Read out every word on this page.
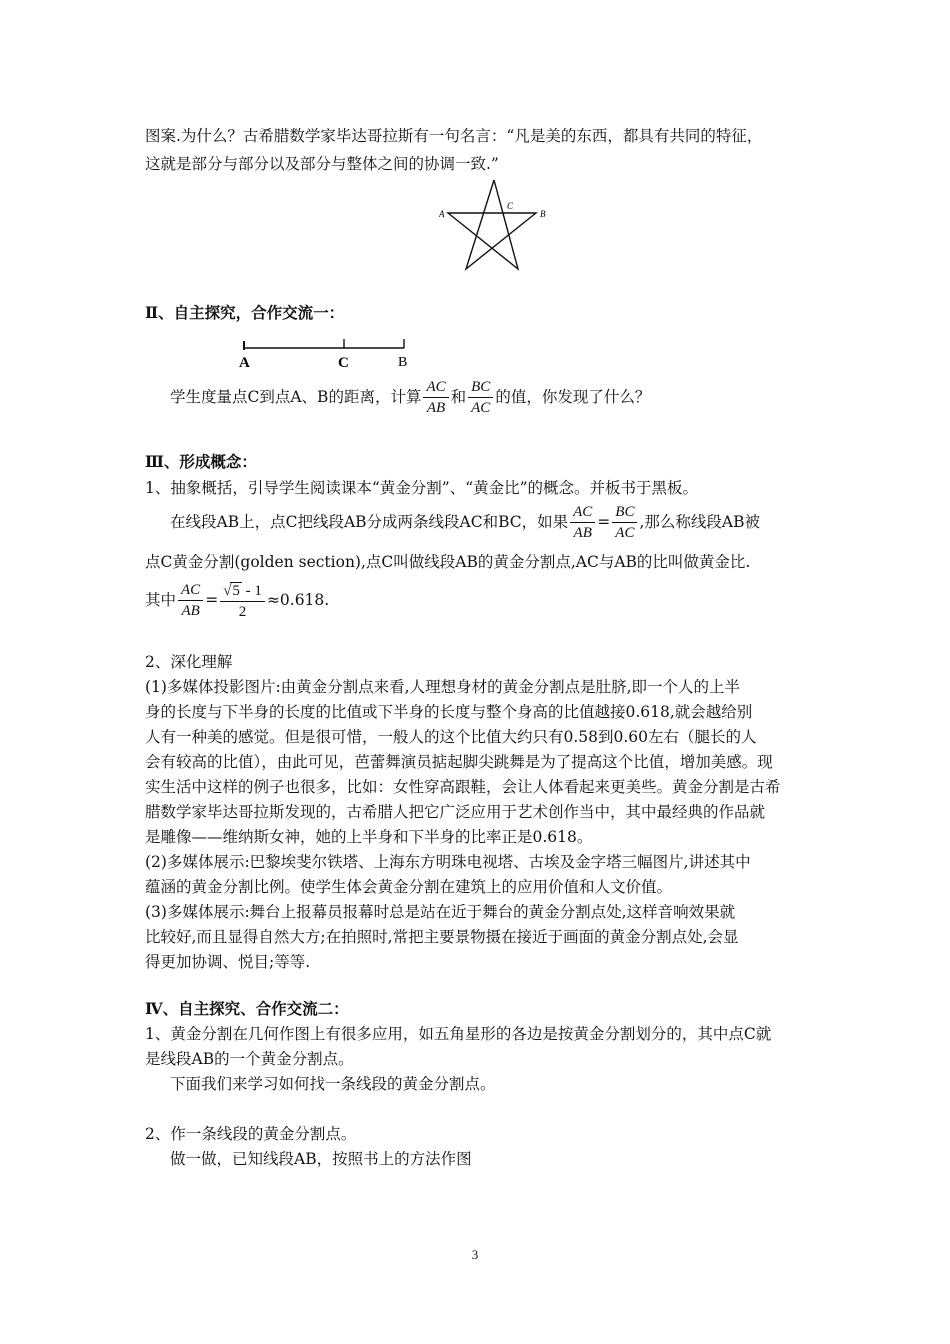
图案.为什么？古希腊数学家毕达哥拉斯有一句名言：“凡是美的东西，都具有共同的特征，
这就是部分与部分以及部分与整体之间的协调一致.”
A
C
B
Ⅱ、自主探究，合作交流一：
A	C	B
学生度量点C到点A、B的距离，计算 $\frac{AC}{AB}$ 和 $\frac{BC}{AC}$ 的值，你发现了什么？
Ⅲ、形成概念：
1、抽象概括，引导学生阅读课本“黄金分割”、“黄金比”的概念。并板书于黑板。
在线段AB上，点C把线段AB分成两条线段AC和BC，如果 $\frac{AC}{AB} = \frac{BC}{AC}$ ,那么称线段AB被
点C黄金分割(golden section),点C叫做线段AB的黄金分割点,AC与AB的比叫做黄金比.
其中 $\frac{AC}{AB} = \frac{√5 - 1}{2} \approx 0.618$.
2、深化理解
(1)多媒体投影图片:由黄金分割点来看,人理想身材的黄金分割点是肚脐,即一个人的上半
身的长度与下半身的长度的比值或下半身的长度与整个身高的比值越接0.618,就会越给别
人有一种美的感觉。但是很可惜，一般人的这个比值大约只有0.58到0.60左右（腿长的人
会有较高的比值），由此可见，芭蕾舞演员掂起脚尖跳舞是为了提高这个比值，增加美感。现
实生活中这样的例子也很多，比如：女性穿高跟鞋，会让人体看起来更美些。黄金分割是古希
腊数学家毕达哥拉斯发现的，古希腊人把它广泛应用于艺术创作当中，其中最经典的作品就
是雕像——维纳斯女神，她的上半身和下半身的比率正是0.618。
(2)多媒体展示:巴黎埃斐尔铁塔、上海东方明珠电视塔、古埃及金字塔三幅图片,讲述其中
蕴涵的黄金分割比例。使学生体会黄金分割在建筑上的应用价值和人文价值。
(3)多媒体展示:舞台上报幕员报幕时总是站在近于舞台的黄金分割点处,这样音响效果就
比较好,而且显得自然大方;在拍照时,常把主要景物摄在接近于画面的黄金分割点处,会显
得更加协调、悦目;等等.
Ⅳ、自主探究、合作交流二：
1、黄金分割在几何作图上有很多应用，如五角星形的各边是按黄金分割划分的，其中点C就
是线段AB的一个黄金分割点。
下面我们来学习如何找一条线段的黄金分割点。
2、作一条线段的黄金分割点。
做一做，已知线段AB，按照书上的方法作图
3
